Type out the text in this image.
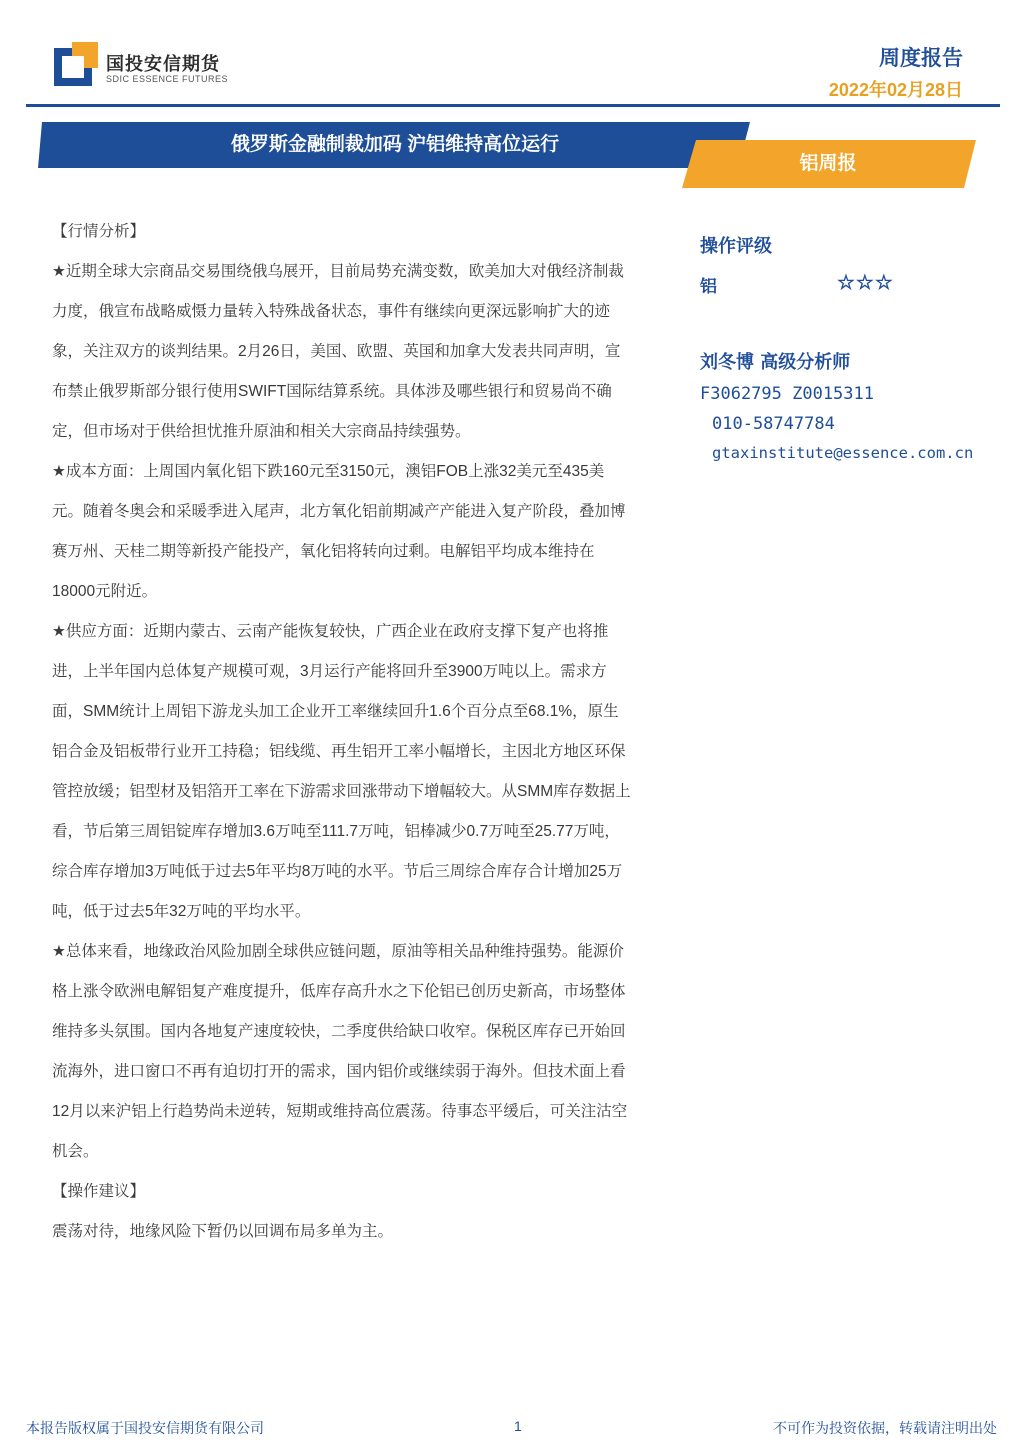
国投安信期货
SDIC ESSENCE FUTURES
周度报告
2022年02月28日
俄罗斯金融制裁加码 沪铝维持高位运行
铝周报

【行情分析】

★近期全球大宗商品交易围绕俄乌展开，目前局势充满变数，欧美加大对俄经济制裁力度，俄宣布战略威慑力量转入特殊战备状态，事件有继续向更深远影响扩大的迹象，关注双方的谈判结果。2月26日，美国、欧盟、英国和加拿大发表共同声明，宣布禁止俄罗斯部分银行使用SWIFT国际结算系统。具体涉及哪些银行和贸易尚不确定，但市场对于供给担忧推升原油和相关大宗商品持续强势。

★成本方面：上周国内氧化铝下跌160元至3150元，澳铝FOB上涨32美元至435美元。随着冬奥会和采暖季进入尾声，北方氧化铝前期减产产能进入复产阶段，叠加博赛万州、天桂二期等新投产能投产，氧化铝将转向过剩。电解铝平均成本维持在18000元附近。

★供应方面：近期内蒙古、云南产能恢复较快，广西企业在政府支撑下复产也将推进，上半年国内总体复产规模可观，3月运行产能将回升至3900万吨以上。需求方面，SMM统计上周铝下游龙头加工企业开工率继续回升1.6个百分点至68.1%，原生铝合金及铝板带行业开工持稳；铝线缆、再生铝开工率小幅增长，主因北方地区环保管控放缓；铝型材及铝箔开工率在下游需求回涨带动下增幅较大。从SMM库存数据上看，节后第三周铝锭库存增加3.6万吨至111.7万吨，铝棒减少0.7万吨至25.77万吨，综合库存增加3万吨低于过去5年平均8万吨的水平。节后三周综合库存合计增加25万吨，低于过去5年32万吨的平均水平。

★总体来看，地缘政治风险加剧全球供应链问题，原油等相关品种维持强势。能源价格上涨令欧洲电解铝复产难度提升，低库存高升水之下伦铝已创历史新高，市场整体维持多头氛围。国内各地复产速度较快，二季度供给缺口收窄。保税区库存已开始回流海外，进口窗口不再有迫切打开的需求，国内铝价或继续弱于海外。但技术面上看12月以来沪铝上行趋势尚未逆转，短期或维持高位震荡。待事态平缓后，可关注沽空机会。

【操作建议】

震荡对待，地缘风险下暂仍以回调布局多单为主。

操作评级
铝	☆☆☆
刘冬博 高级分析师
F3062795 Z0015311
010-58747784
gtaxinstitute@essence.com.cn
本报告版权属于国投安信期货有限公司	1	不可作为投资依据，转载请注明出处
